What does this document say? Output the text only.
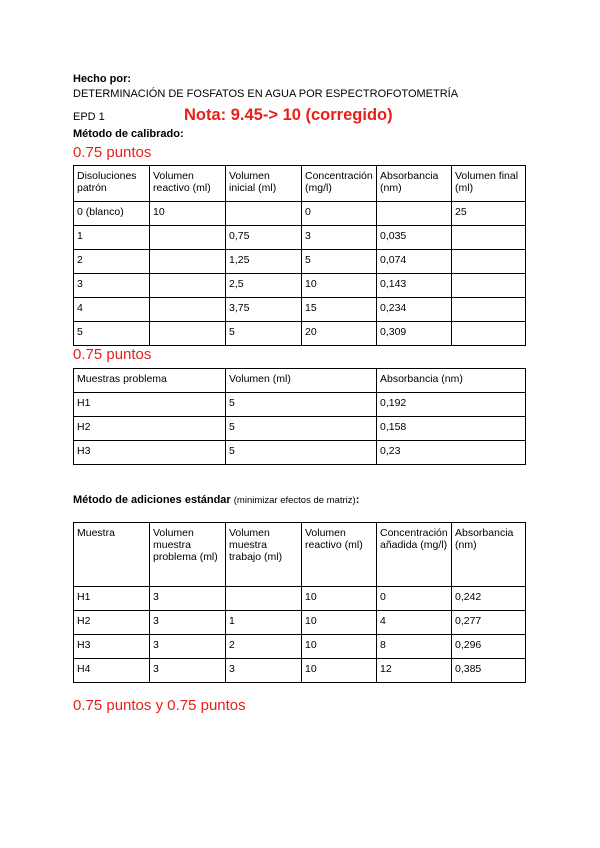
Hecho por:
DETERMINACIÓN DE FOSFATOS EN AGUA POR ESPECTROFOTOMETRÍA
EPD 1	Nota: 9.45-> 10 (corregido)
Método de calibrado:
0.75 puntos
Disoluciones patrón	Volumen reactivo (ml)	Volumen inicial (ml)	Concentración (mg/l)	Absorbancia (nm)	Volumen final (ml)
0 (blanco)	10		0		25
1		0,75	3	0,035	
2		1,25	5	0,074	
3		2,5	10	0,143	
4		3,75	15	0,234	
5		5	20	0,309	
0.75 puntos
Muestras problema	Volumen (ml)	Absorbancia (nm)
H1	5	0,192
H2	5	0,158
H3	5	0,23
Método de adiciones estándar (minimizar efectos de matriz):
Muestra	Volumen muestra problema (ml)	Volumen muestra trabajo (ml)	Volumen reactivo (ml)	Concentración añadida (mg/l)	Absorbancia (nm)
H1	3		10	0	0,242
H2	3	1	10	4	0,277
H3	3	2	10	8	0,296
H4	3	3	10	12	0,385
0.75 puntos y 0.75 puntos
